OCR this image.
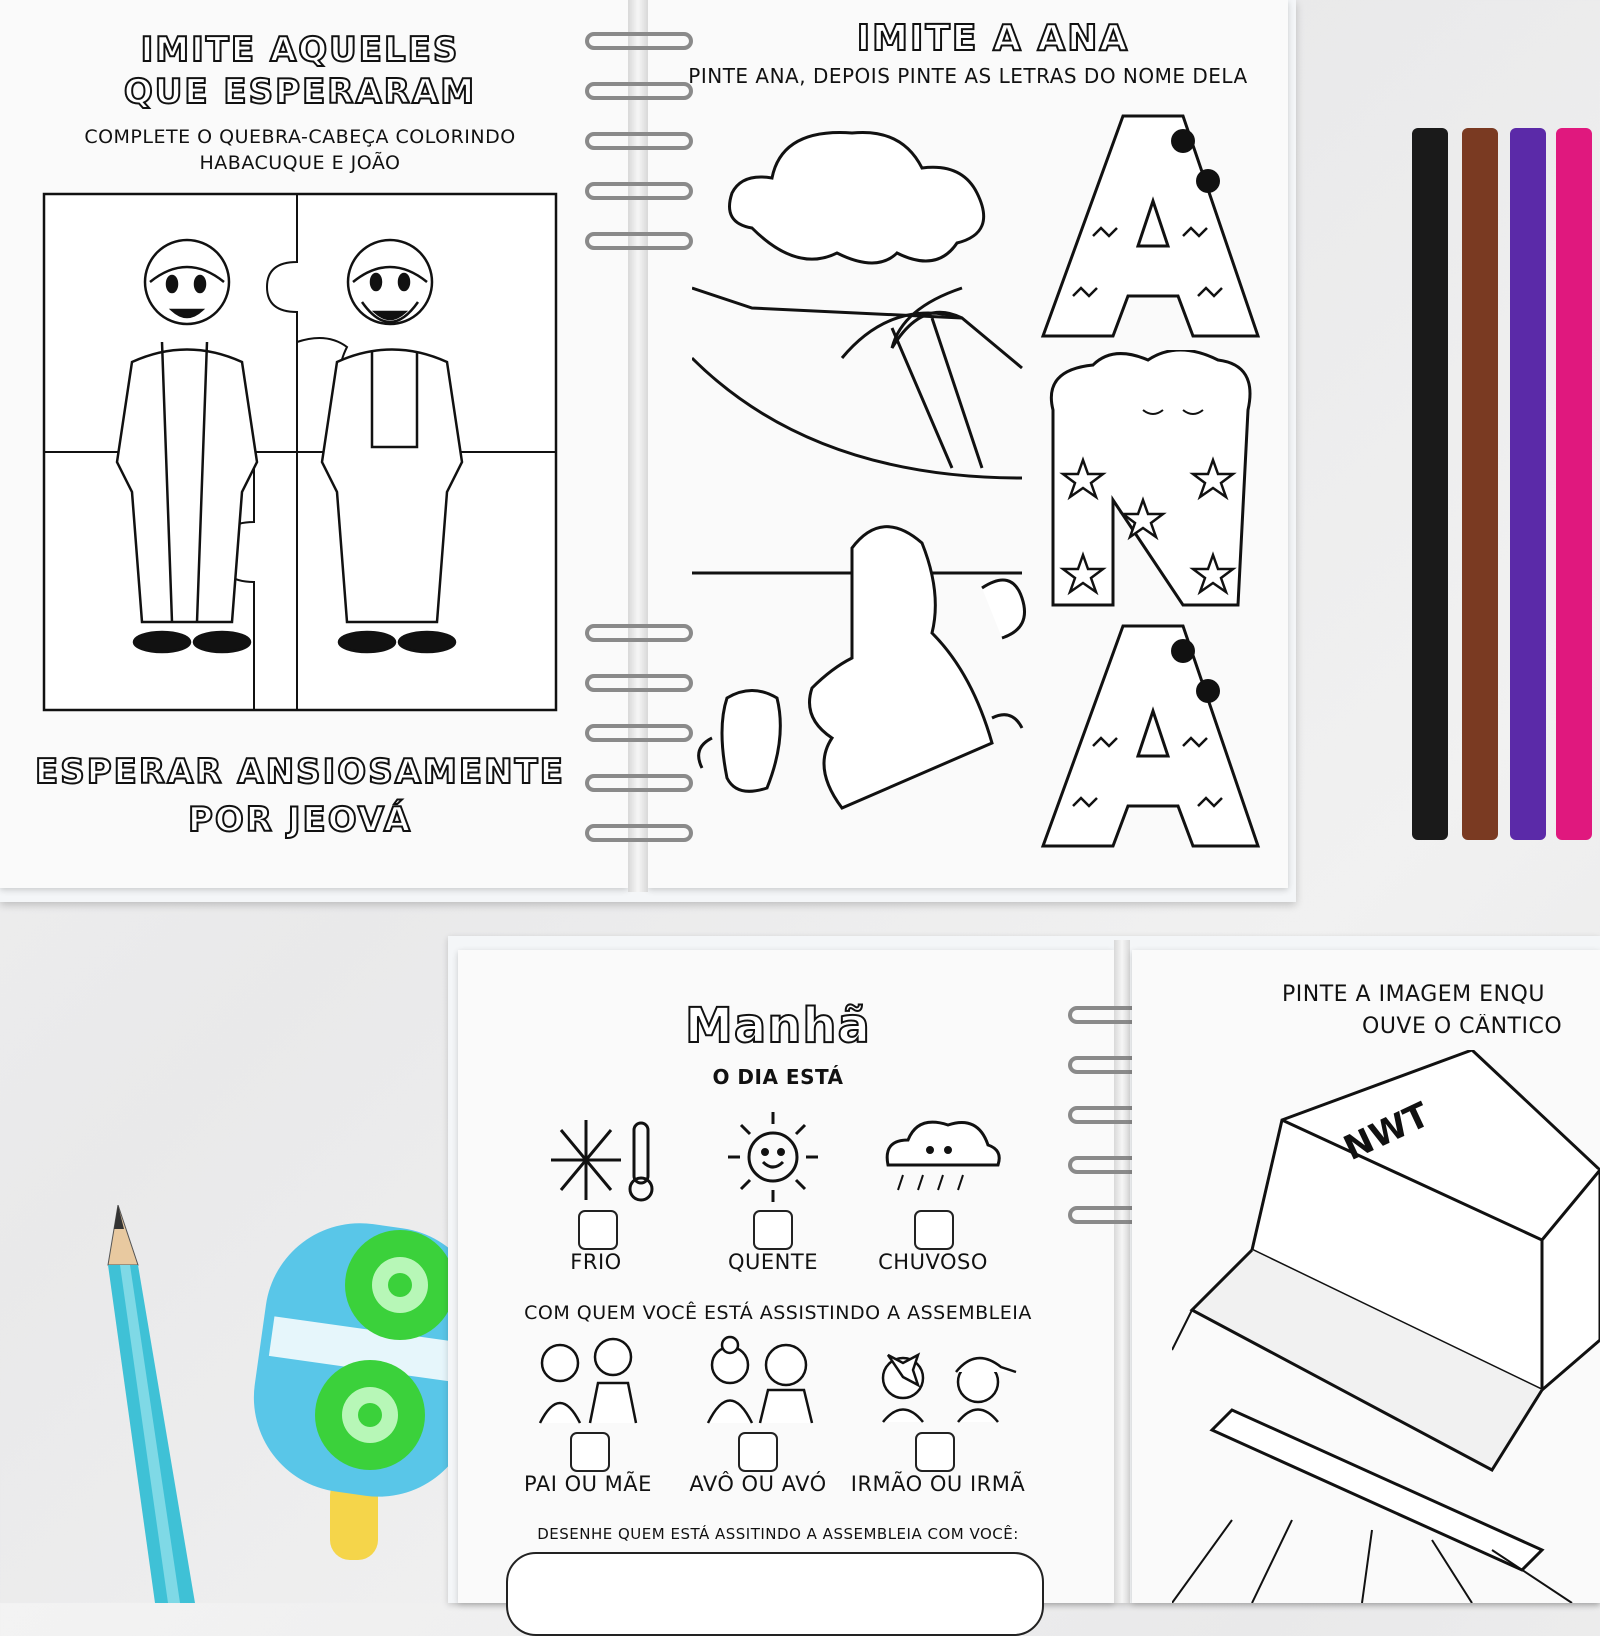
IMITE AQUELES
QUE ESPERARAM
COMPLETE O QUEBRA-CABEÇA COLORINDO
HABACUQUE E JOÃO
ESPERAR ANSIOSAMENTE
POR JEOVÁ
IMITE A ANA
PINTE ANA, DEPOIS PINTE AS LETRAS DO NOME DELA
Manhã
O DIA ESTÁ
FRIO	QUENTE	CHUVOSO
COM QUEM VOCÊ ESTÁ ASSISTINDO A ASSEMBLEIA
PAI OU MÃE	AVÔ OU AVÓ	IRMÃO OU IRMÃ
DESENHE QUEM ESTÁ ASSITINDO A ASSEMBLEIA COM VOCÊ:
PINTE A IMAGEM ENQU
OUVE O CÂNTICO
NWT
